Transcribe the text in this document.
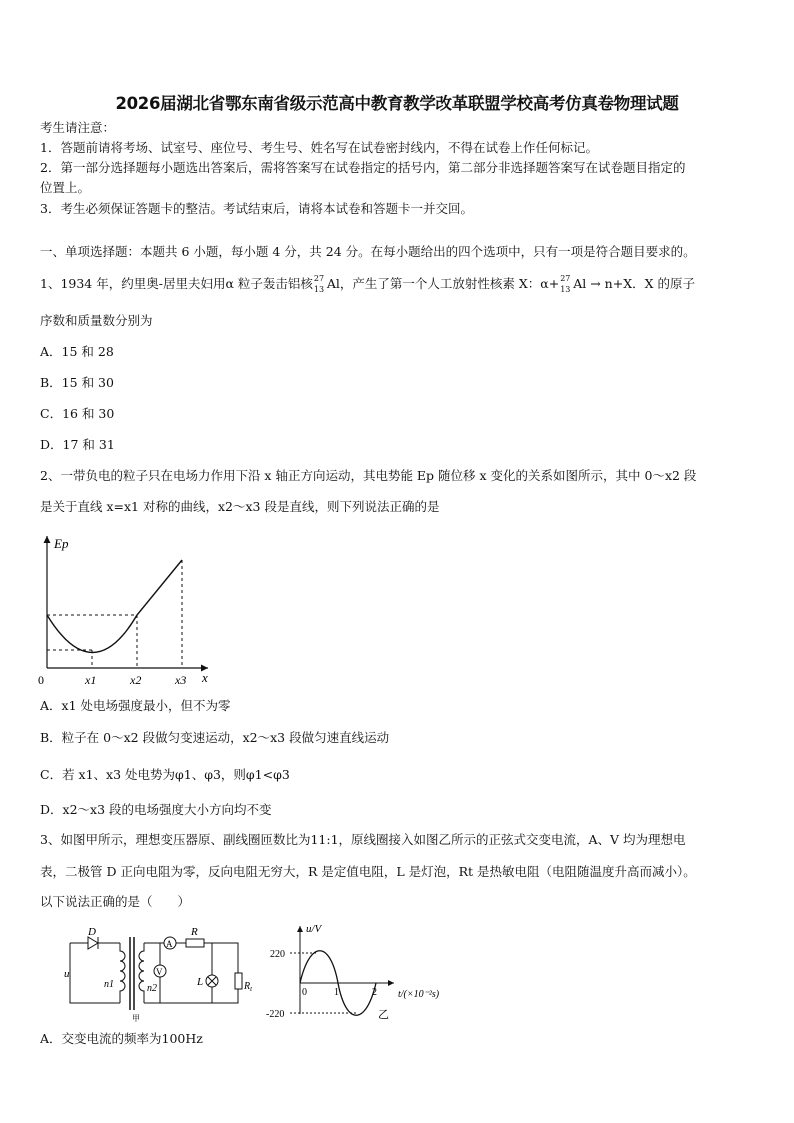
2026届湖北省鄂东南省级示范高中教育教学改革联盟学校高考仿真卷物理试题
考生请注意：
1．答题前请将考场、试室号、座位号、考生号、姓名写在试卷密封线内，不得在试卷上作任何标记。
2．第一部分选择题每小题选出答案后，需将答案写在试卷指定的括号内，第二部分非选择题答案写在试卷题目指定的
位置上。
3．考生必须保证答题卡的整洁。考试结束后，请将本试卷和答题卡一并交回。
一、单项选择题：本题共 6 小题，每小题 4 分，共 24 分。在每小题给出的四个选项中，只有一项是符合题目要求的。
1、1934 年，约里奥-居里夫妇用α 粒子轰击铝核 27
13 Al，产生了第一个人工放射性核素 X：α+ 27
13 Al → n+X．X 的原子
序数和质量数分别为
A．15 和 28
B．15 和 30
C．16 和 30
D．17 和 31
2、一带负电的粒子只在电场力作用下沿 x 轴正方向运动，其电势能 Ep 随位移 x 变化的关系如图所示，其中 0～x2 段
是关于直线 x=x1 对称的曲线，x2～x3 段是直线，则下列说法正确的是
Ep
0	x1	x2	x3 x
A．x1 处电场强度最小，但不为零
B．粒子在 0～x2 段做匀变速运动，x2～x3 段做匀速直线运动
C．若 x1、x3 处电势为φ1、φ3，则φ1<φ3
D．x2～x3 段的电场强度大小方向均不变
3、如图甲所示，理想变压器原、副线圈匝数比为11:1，原线圈接入如图乙所示的正弦式交变电流，A、V 均为理想电
表，二极管 D 正向电阻为零，反向电阻无穷大，R 是定值电阻，L 是灯泡，Rt 是热敏电阻（电阻随温度升高而减小）。
以下说法正确的是（　　）
D
u
n1
甲
n2
A
R
V
L	$R_t$
u/V
220
-220
0	1	2 t/(×10⁻²s)
乙
A．交变电流的频率为100Hz
